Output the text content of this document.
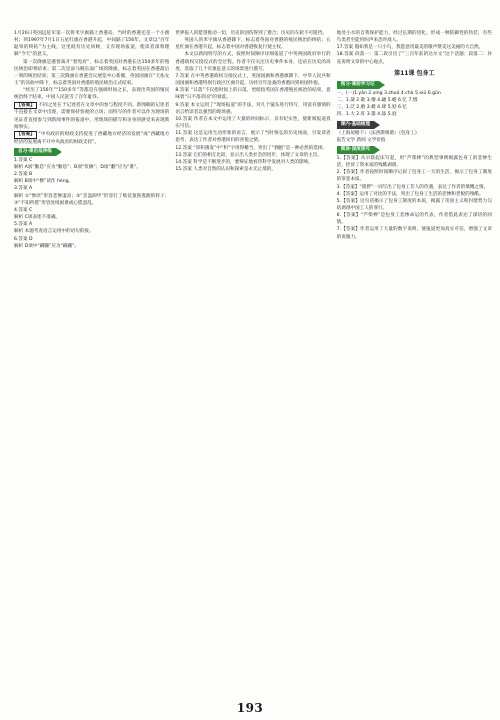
1月26日英国远征军第一次将米字旗插上香港岛，当时的香港还是一个小渔村；到1997年7月1日五星红旗在香港升起，中间隔了156年。文章以“百年耻辱的终结”为主线，这里既有历史回顾，又有现场报道，使读者深刻理解“今天”的意义。

第一次降旗是港督离开“督宪府”，标志着英国对香港长达150多年的殖民统治即将结束；第二次是添马舰东面广场的降旗，标志着英国在香港最后一刻的统治结束；第三次降旗在香港会议展览中心新翼，英国国旗在“天佑女王”的乐曲中降下，标志着英国对香港的殖民统治正式结束。

“经历了156年”“150多年”等都是在强调时间之长，表现出英国的殖民统治终于结束，中国人民洗雪了百年耻辱。

【答案】 不同之处在于记述者在文章中的参与程度不同。新闻稿的记述者不直接在文章中出现，需要保持客观的立场；而特写的作者可以作为现场的见证者直接参与到新闻事件的报道中，用现场的描写和亲身的感受来表现新闻事实。

【答案】 “中央政府的财政支持促进了西藏地方经济的发展”或“西藏地方经济的发展离不开中央政府的财政支持”。

自习·课后延伸练

1.答案 C

解析 A项“勤恳”应为“勤恳”；B项“伎俩”；D项“翻”应为“番”。

2.答案 B

解析 B项中“横”读作 hèng。

3.答案 A

解析 ①“惨淡”形容悲惨凄凉；②“丢盔卸甲”形容打了败仗狼狈逃跑的样子；③“不知所措”形容处境困难或心慌意乱。

4.答案 C

解析 C项表述不准确。

5.答案 A

解析 本题考查语言运用中的语句衔接。

6.答案 D

解析 D项中“蹒跚”应为“蹒跚”。

世界报人的愿望推动一切，历史的创伤得到了愈合；历史的车轮不可阻挡。

英国人的米字旗从香港降下，标志着英国对香港的殖民统治的终结；五星红旗在香港升起，标志着中国对香港恢复行使主权。

本文以新闻特写的方式，按照时间顺序详细报道了中英两国政府举行的香港政权交接仪式的全过程。作者不仅关注历史事件本身，还站在历史的高度，选取了几个有象征意义的场景进行描写。

7.答案 在中英香港政权交接仪式上，英国国旗和香港旗降下，中华人民共和国国旗和香港特别行政区区旗升起，历经百年沧桑的香港回到祖国怀抱。

8.答案 “日落”不仅指时间上的日落，更暗指英国在香港殖民统治的结束，意味着“日不落帝国”的衰落。

9.答案 本文运用了“现场报道”的手法，对几个镜头进行特写，用富有感情的语言给读者以强烈的现场感。

10.答案 作者在本文中运用了大量的时间标示，具有纪实性，使新闻报道真实可信。

11.答案 这是运用生动形象的语言，展示了当时恢弘的历史场面，引发读者思考，表达了作者对香港回归的喜悦之情。

12.答案 “厚积薄发”中“积”字用得精当，突出了“拥抱”是一种必然的选择。

13.答案 它们的相互比较，显示出人类社会的进步，体现了文章的主旨。

14.答案 科学是不断进步的，要辩证地看待科学发展对人类的影响。

15.答案 人类对自然的认识和探索是永无止境的。

地处小水的自我保护能力，经过长期的进化，形成一种防御性的伪装，有些鸟类甚至能用叫声来恐吓敌人。

17.答案 假如我是一只小鸟，我愿意用最美的歌声赞美这美丽的大自然。

18.答案 段落一：第二段引出了“三百年前的达尔文”这个话题；段落二：补充说明文章的中心观点。

第11课 包身工
预习·课前学习记

一、(一)1.yǎn 2.xíng 3.zhuō 4.chà 5.xiǔ 6.gūn

二、1.蒲 2.歇 3.懵 4.翩 5.蜷 6.忆 7.慑

三、1.泛 2.磨 3.蜷 4.肆 5.惦 6.忆

四、1.大 2.旺 3.嚣 4.舔 5.庭

课内·基础梳理

（上海屋檐下）（法西斯细菌）《包身工》

报告文学 新闻 文学价值

阅读·深度探究

1.【答案】从早晨起床写起，用“芦柴棒”的典型事例揭露包身工的悲惨生活，控诉了资本家的残酷剥削。

2.【答案】作者按照时间顺序记叙了包身工一天的生活，揭示了包身工制度的罪恶本质。

3.【答案】“猪猡”一词写出了包身工非人的待遇，表达了作者的愤慨之情。

4.【答案】运用了对比的手法，突出了包身工生活的悲惨和老板的残酷。

5.【答案】这句话揭示了包身工制度的本质，揭露了帝国主义和封建势力勾结剥削中国工人的罪行。

6.【答案】“芦柴棒”是包身工悲惨命运的代表，作者借此表达了深切的同情。

7.【答案】作者运用了大量的数字说明，使报道更加真实可信，增强了文章的说服力。

193
